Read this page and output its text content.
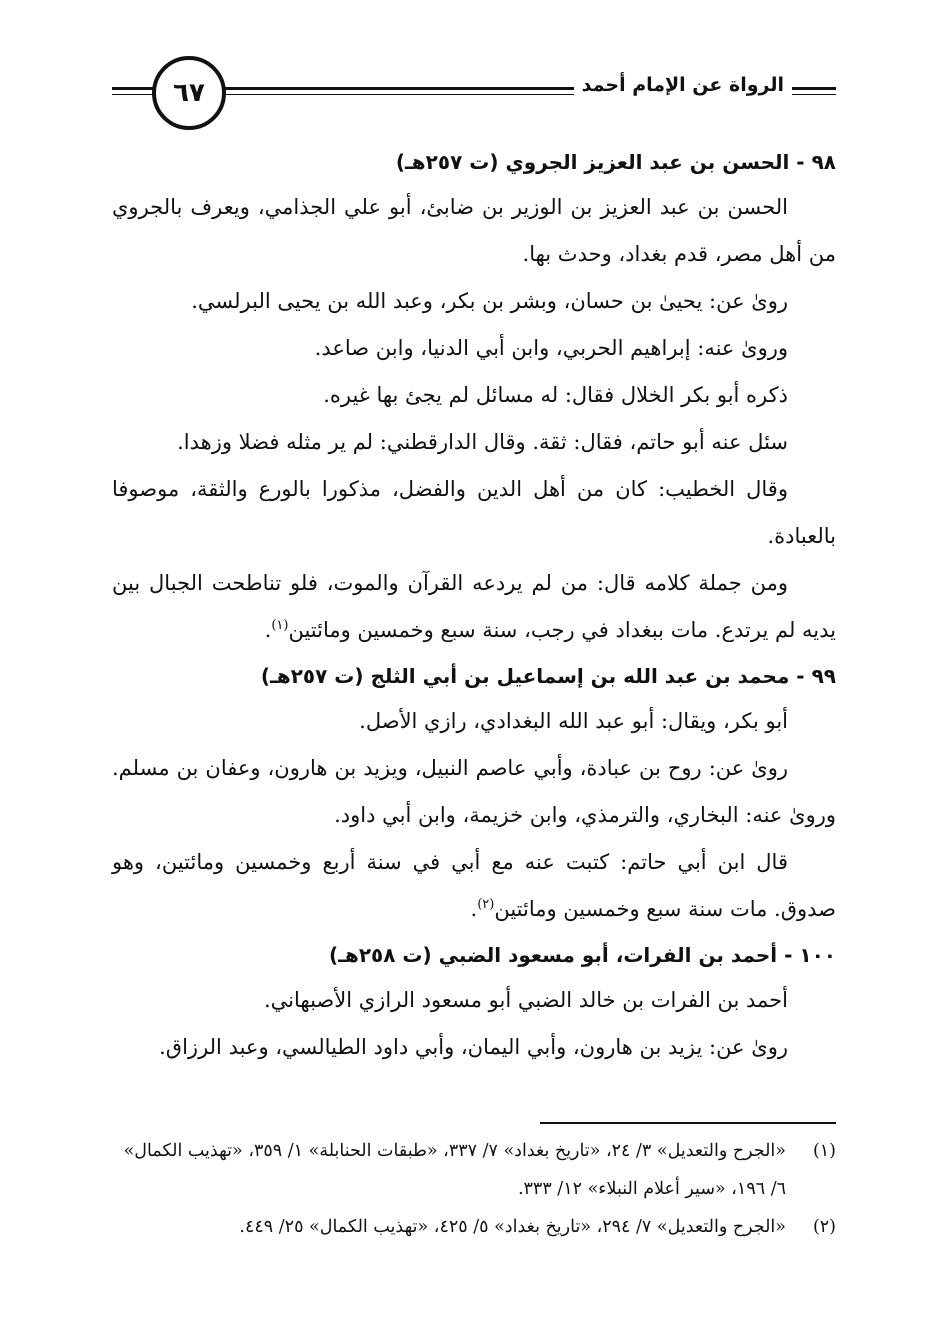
٦٧	الرواة عن الإمام أحمد

٩٨ - الحسن بن عبد العزيز الجروي (ت ٢٥٧هـ)

الحسن بن عبد العزيز بن الوزير بن ضابئ، أبو علي الجذامي، ويعرف بالجروي من أهل مصر، قدم بغداد، وحدث بها.

روىٰ عن: يحيىٰ بن حسان، وبشر بن بكر، وعبد الله بن يحيى البرلسي.

وروىٰ عنه: إبراهيم الحربي، وابن أبي الدنيا، وابن صاعد.

ذكره أبو بكر الخلال فقال: له مسائل لم يجئ بها غيره.

سئل عنه أبو حاتم، فقال: ثقة. وقال الدارقطني: لم ير مثله فضلا وزهدا.

وقال الخطيب: كان من أهل الدين والفضل، مذكورا بالورع والثقة، موصوفا بالعبادة.

ومن جملة كلامه قال: من لم يردعه القرآن والموت، فلو تناطحت الجبال بين يديه لم يرتدع. مات ببغداد في رجب، سنة سبع وخمسين ومائتين$^{(١)}$.

٩٩ - محمد بن عبد الله بن إسماعيل بن أبي الثلج (ت ٢٥٧هـ)

أبو بكر، ويقال: أبو عبد الله البغدادي، رازي الأصل.

روىٰ عن: روح بن عبادة، وأبي عاصم النبيل، ويزيد بن هارون، وعفان بن مسلم. وروىٰ عنه: البخاري، والترمذي، وابن خزيمة، وابن أبي داود.

قال ابن أبي حاتم: كتبت عنه مع أبي في سنة أربع وخمسين ومائتين، وهو صدوق. مات سنة سبع وخمسين ومائتين$^{(٢)}$.

١٠٠ - أحمد بن الفرات، أبو مسعود الضبي (ت ٢٥٨هـ)

أحمد بن الفرات بن خالد الضبي أبو مسعود الرازي الأصبهاني.

روىٰ عن: يزيد بن هارون، وأبي اليمان، وأبي داود الطيالسي، وعبد الرزاق.

(١)
«الجرح والتعديل» ٣/ ٢٤، «تاريخ بغداد» ٧/ ٣٣٧، «طبقات الحنابلة» ١/ ٣٥٩، «تهذيب الكمال» ٦/ ١٩٦، «سير أعلام النبلاء» ١٢/ ٣٣٣.

(٢)
«الجرح والتعديل» ٧/ ٢٩٤، «تاريخ بغداد» ٥/ ٤٢٥، «تهذيب الكمال» ٢٥/ ٤٤٩.
